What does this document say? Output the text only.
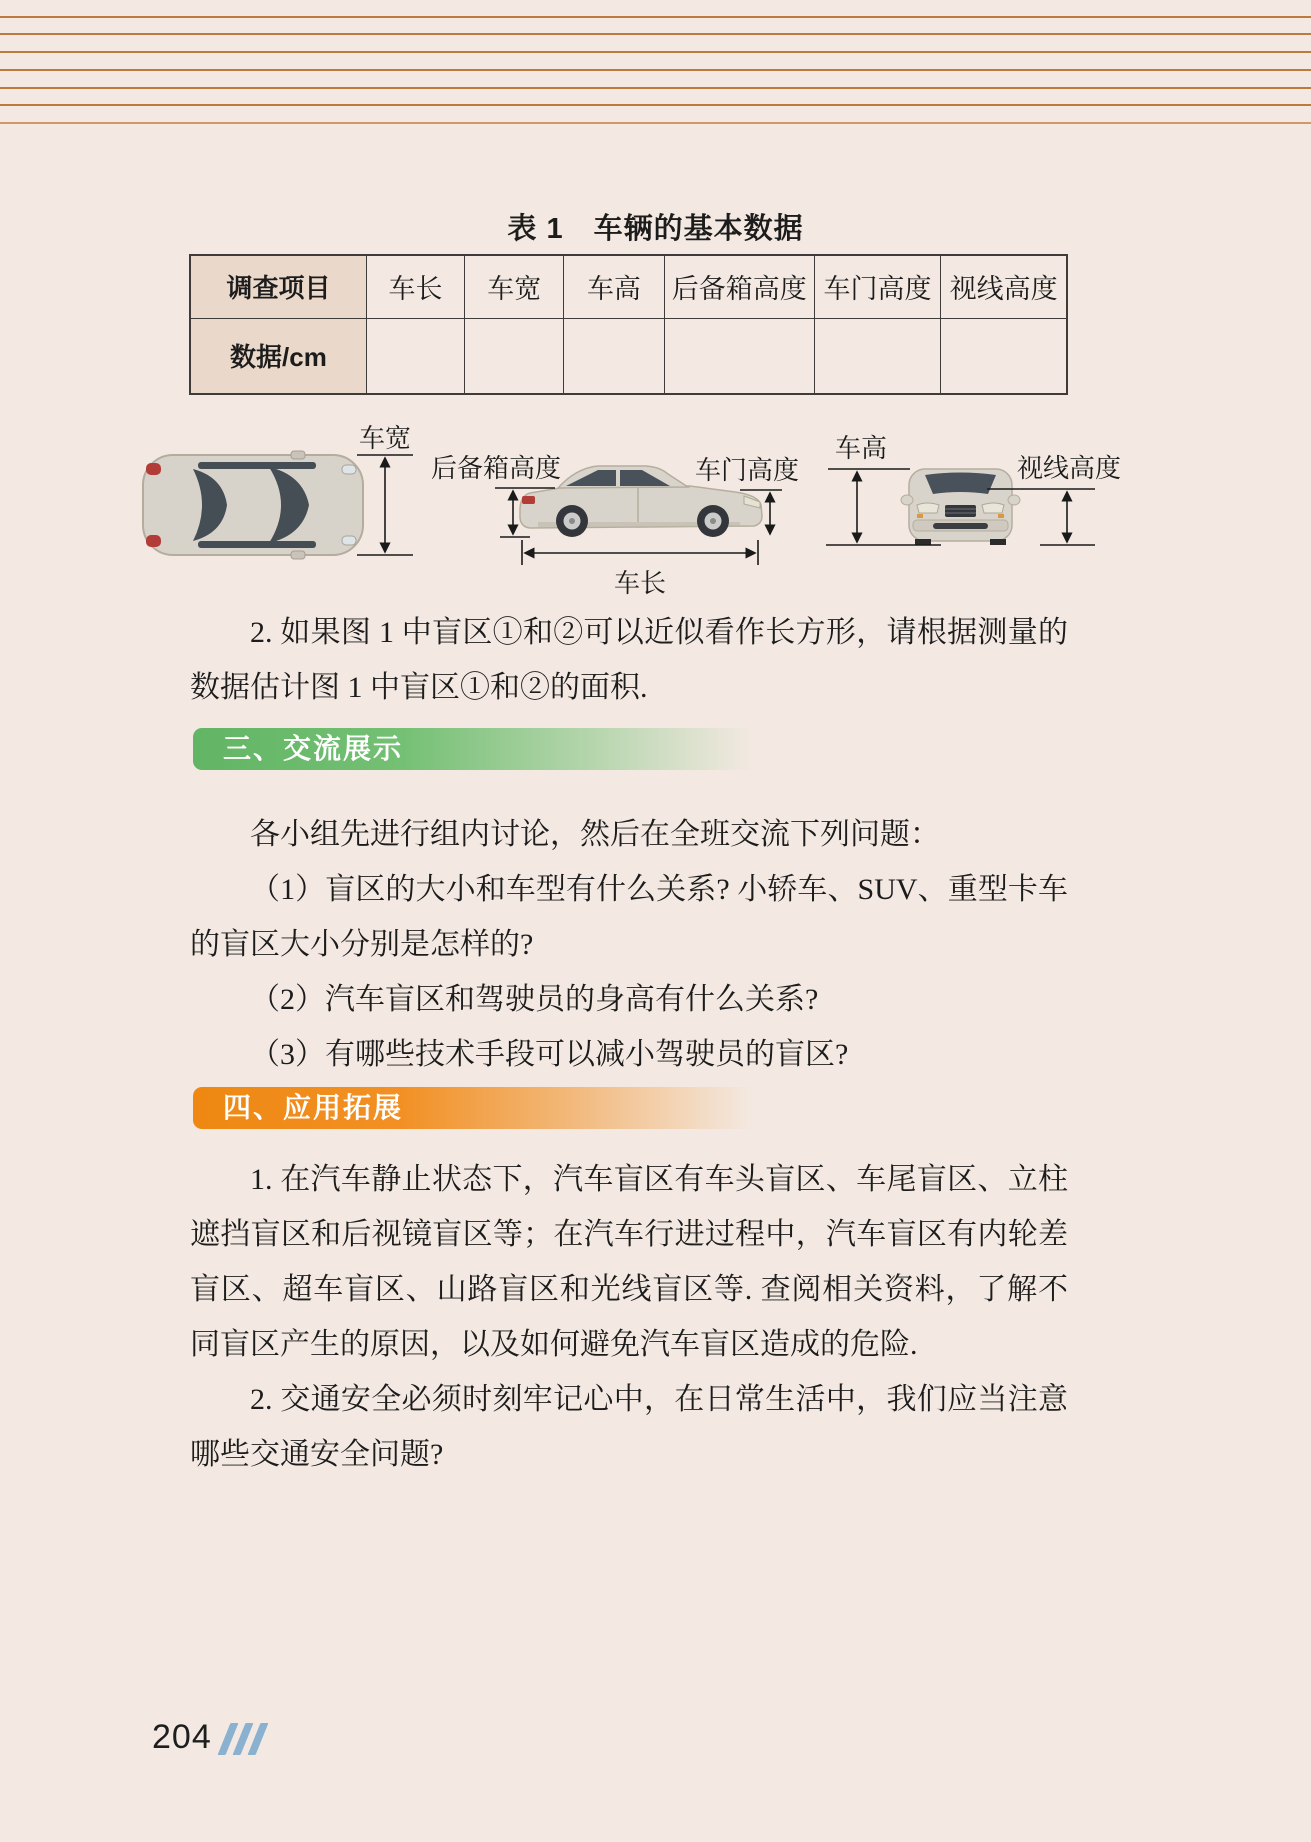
表 1　车辆的基本数据
调查项目	车长	车宽	车高	后备箱高度	车门高度	视线高度
数据/cm						
车宽
后备箱高度	车门高度
车长
车高
视线高度
2. 如果图 1 中盲区①和②可以近似看作长方形，请根据测量的
数据估计图 1 中盲区①和②的面积.
三、交流展示
各小组先进行组内讨论，然后在全班交流下列问题：
（1）盲区的大小和车型有什么关系? 小轿车、SUV、重型卡车
的盲区大小分别是怎样的?
（2）汽车盲区和驾驶员的身高有什么关系?
（3）有哪些技术手段可以减小驾驶员的盲区?
四、应用拓展
1. 在汽车静止状态下，汽车盲区有车头盲区、车尾盲区、立柱
遮挡盲区和后视镜盲区等；在汽车行进过程中，汽车盲区有内轮差
盲区、超车盲区、山路盲区和光线盲区等. 查阅相关资料，了解不
同盲区产生的原因，以及如何避免汽车盲区造成的危险.
2. 交通安全必须时刻牢记心中，在日常生活中，我们应当注意
哪些交通安全问题?
204
